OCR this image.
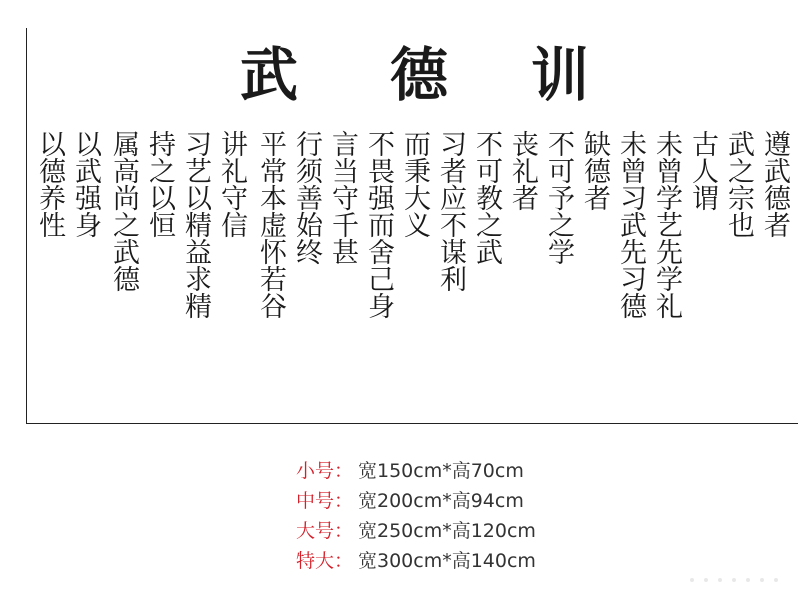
武 德 训
遵武德者
武之宗也
古人谓
未曾学艺先学礼
未曾习武先习德
缺德者
不可予之学
丧礼者
不可教之武
习者应不谋利
而秉大义
不畏强而舍己身
言当守千甚
行须善始终
平常本虚怀若谷
讲礼守信
习艺以精益求精
持之以恒
属高尚之武德
以武强身
以德养性
小号： 宽150cm*高70cm
中号： 宽200cm*高94cm
大号： 宽250cm*高120cm
特大： 宽300cm*高140cm
